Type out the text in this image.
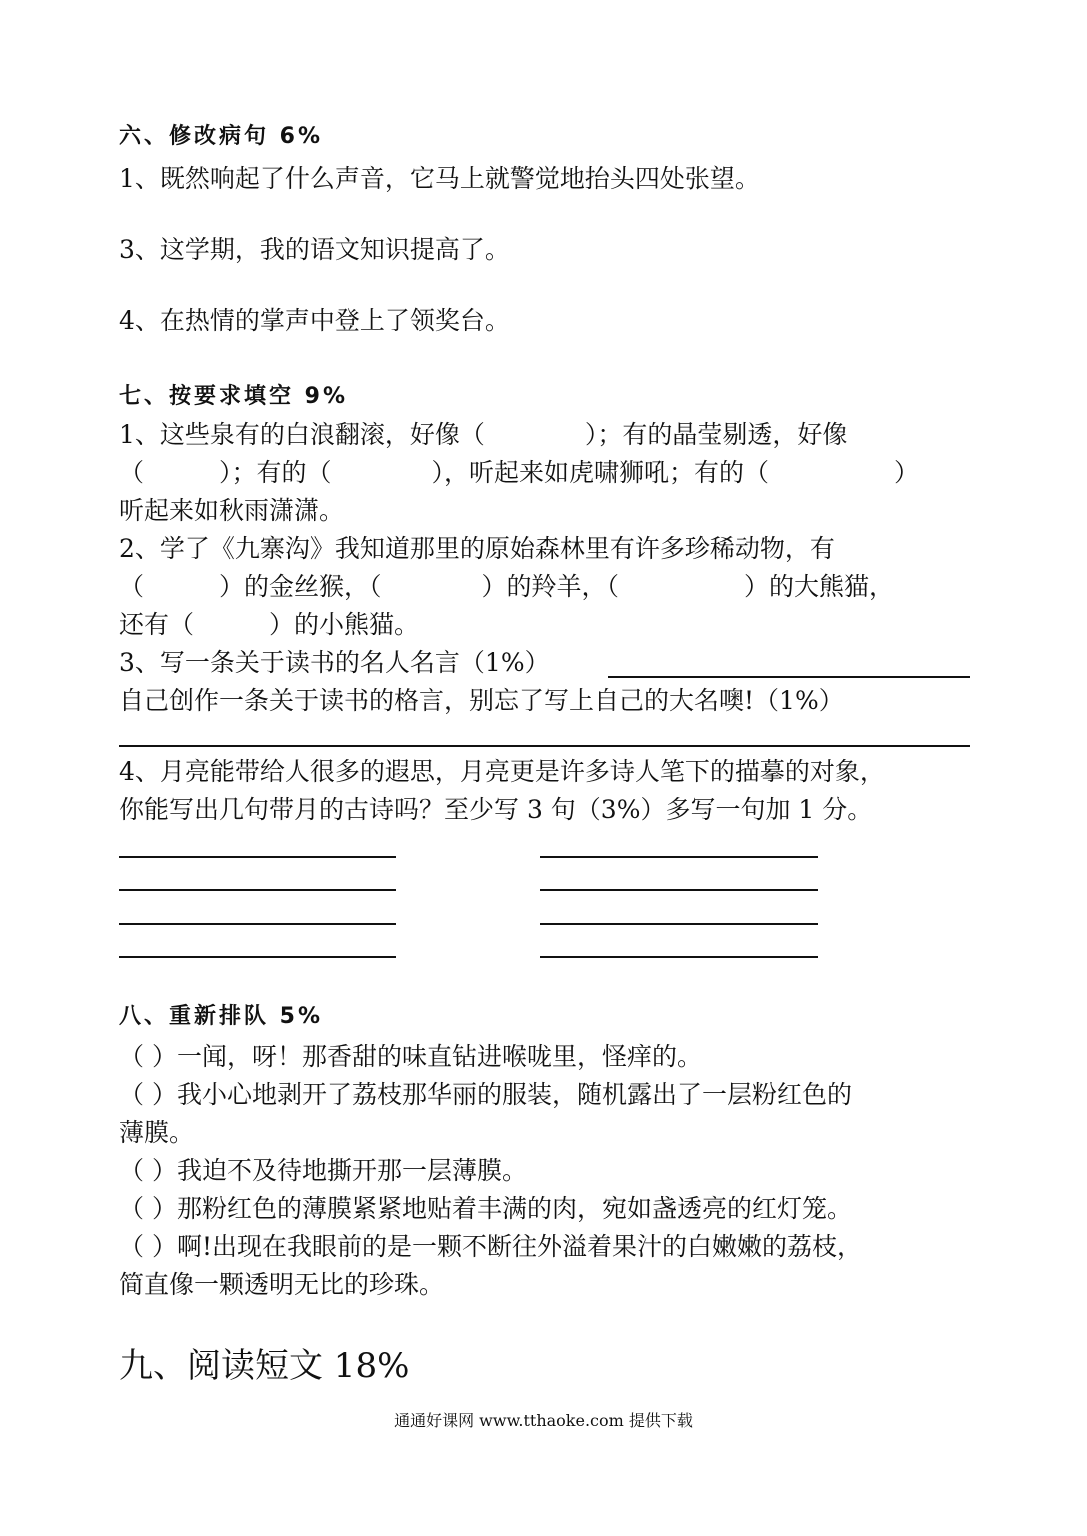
六、修改病句 6%
1、既然响起了什么声音，它马上就警觉地抬头四处张望。
3、这学期，我的语文知识提高了。
4、在热情的掌声中登上了领奖台。
七、按要求填空 9%
1、这些泉有的白浪翻滚，好像（　　　　）；有的晶莹剔透，好像
（　　　）；有的（　　　　），听起来如虎啸狮吼；有的（　　　　　）
听起来如秋雨潇潇。
2、学了《九寨沟》我知道那里的原始森林里有许多珍稀动物，有
（　　　）的金丝猴，（　　　　）的羚羊，（　　　　　）的大熊猫，
还有（　　　）的小熊猫。
3、写一条关于读书的名人名言（1%）
自己创作一条关于读书的格言，别忘了写上自己的大名噢!（1%）
4、月亮能带给人很多的遐思，月亮更是许多诗人笔下的描摹的对象，
你能写出几句带月的古诗吗？至少写 3 句（3%）多写一句加 1 分。
八、重新排队 5%
（ ）一闻，呀！那香甜的味直钻进喉咙里，怪痒的。
（ ）我小心地剥开了荔枝那华丽的服装，随机露出了一层粉红色的
薄膜。
（ ）我迫不及待地撕开那一层薄膜。
（ ）那粉红色的薄膜紧紧地贴着丰满的肉，宛如盏透亮的红灯笼。
（ ）啊!出现在我眼前的是一颗不断往外溢着果汁的白嫩嫩的荔枝，
简直像一颗透明无比的珍珠。
九、阅读短文 18%
通通好课网 www.tthaoke.com 提供下载
